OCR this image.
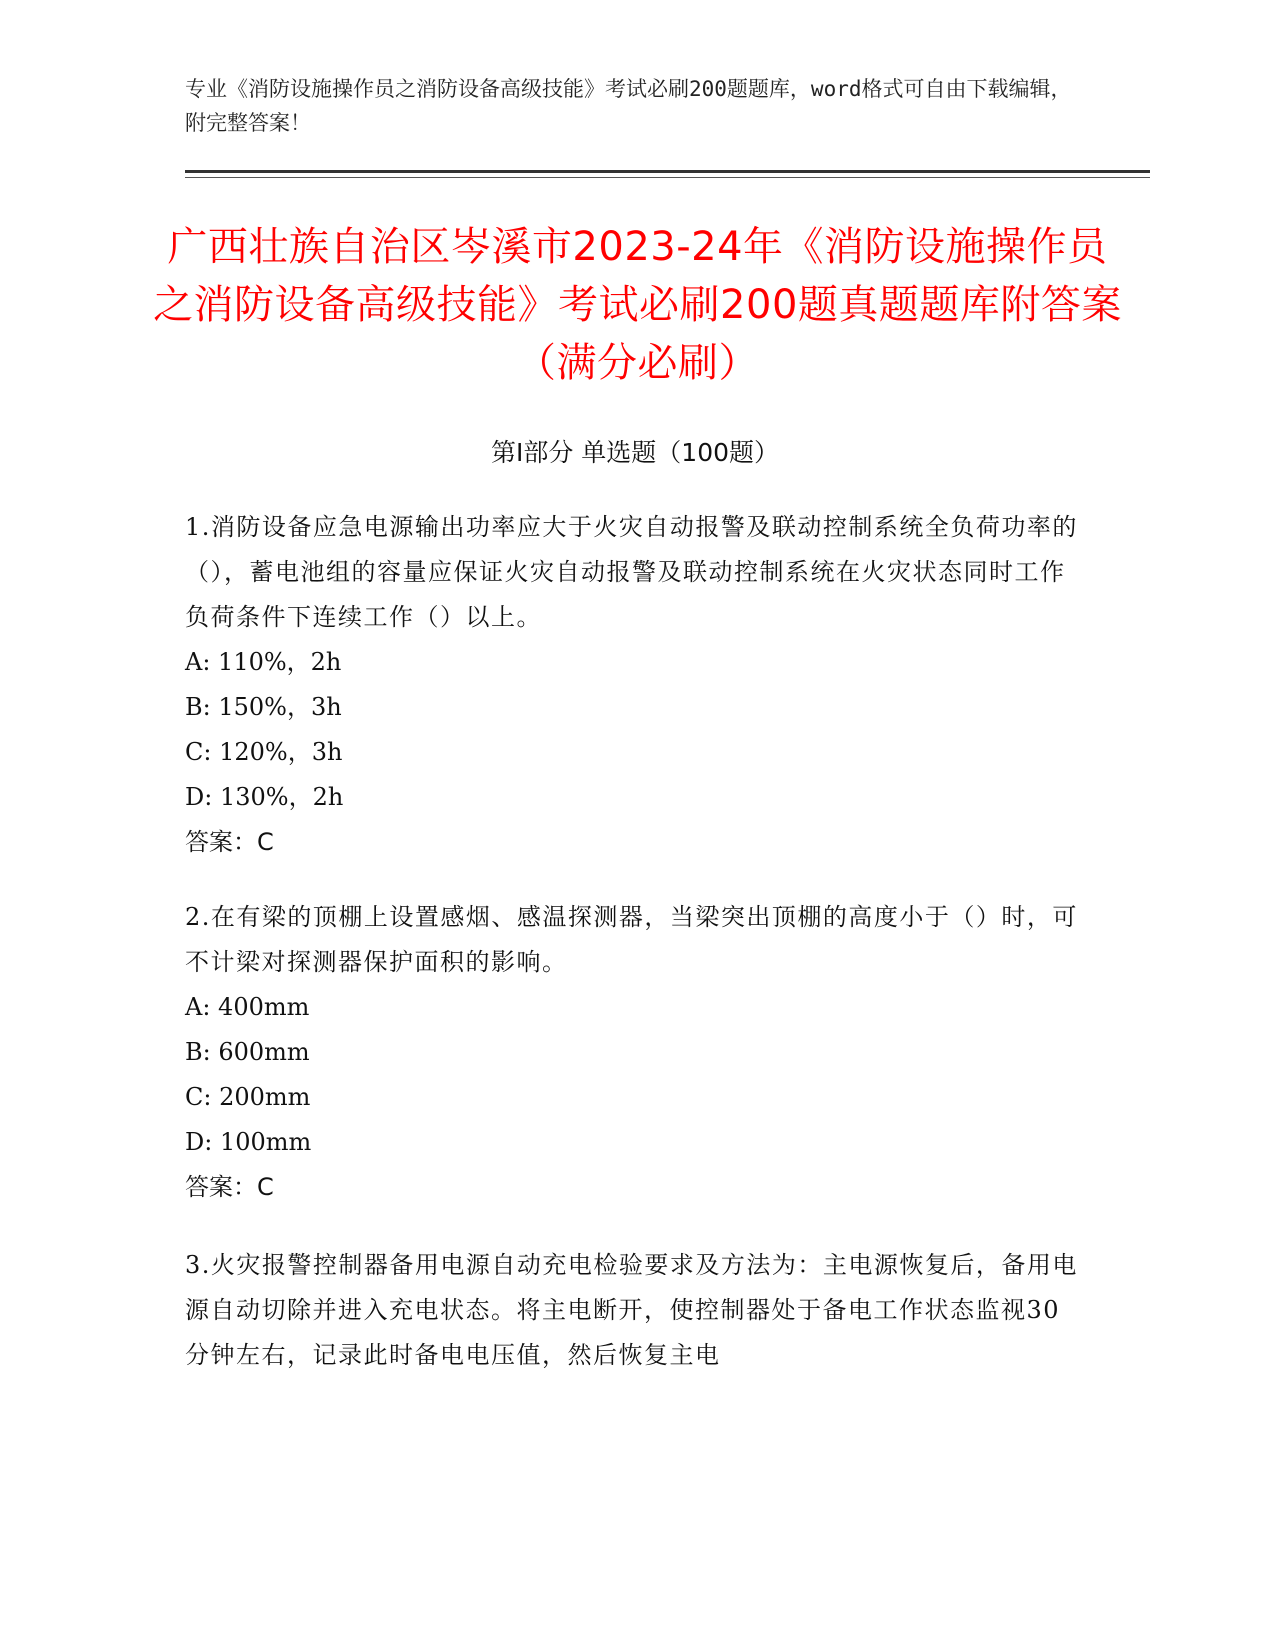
专业《消防设施操作员之消防设备高级技能》考试必刷200题题库，word格式可自由下载编辑，附完整答案！
广西壮族自治区岑溪市2023-24年《消防设施操作员之消防设备高级技能》考试必刷200题真题题库附答案（满分必刷）
第I部分 单选题（100题）

1.消防设备应急电源输出功率应大于火灾自动报警及联动控制系统全负荷功率的（），蓄电池组的容量应保证火灾自动报警及联动控制系统在火灾状态同时工作负荷条件下连续工作（）以上。

A: 110%，2h

B: 150%，3h

C: 120%，3h

D: 130%，2h

答案：C

2.在有梁的顶棚上设置感烟、感温探测器，当梁突出顶棚的高度小于（）时，可不计梁对探测器保护面积的影响。

A: 400mm

B: 600mm

C: 200mm

D: 100mm

答案：C

3.火灾报警控制器备用电源自动充电检验要求及方法为：主电源恢复后，备用电源自动切除并进入充电状态。将主电断开，使控制器处于备电工作状态监视30分钟左右，记录此时备电电压值，然后恢复主电
